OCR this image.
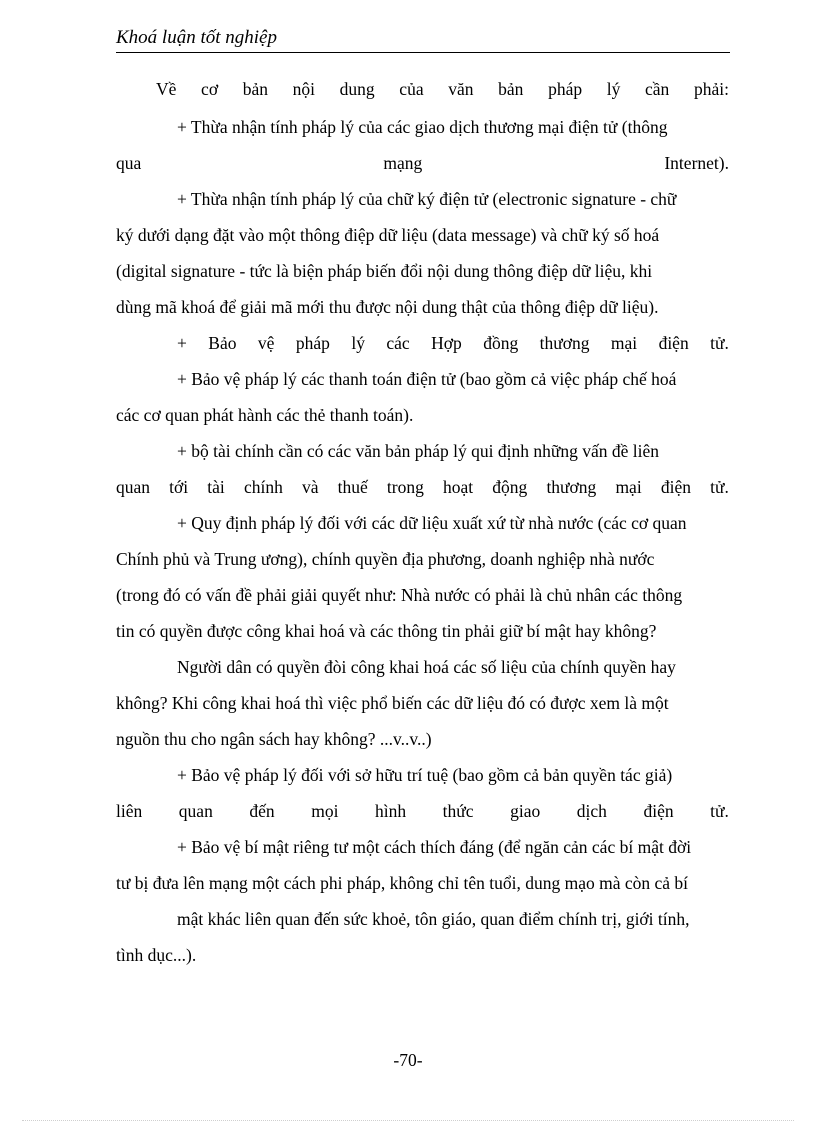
Khoá luận tốt nghiệp
Về cơ bản nội dung của văn bản pháp lý cần phải:
+ Thừa nhận tính pháp lý của các giao dịch thương mại điện tử (thông
qua	mạng	Internet).
+ Thừa nhận tính pháp lý của chữ ký điện tử (electronic signature - chữ
ký dưới dạng đặt vào một thông điệp dữ liệu (data message) và chữ ký số hoá
(digital signature - tức là biện pháp biến đổi nội dung thông điệp dữ liệu, khi
dùng mã khoá để giải mã mới thu được nội dung thật của thông điệp dữ liệu).
+ Bảo vệ pháp lý các Hợp đồng thương mại điện tử.
+ Bảo vệ pháp lý các thanh toán điện tử (bao gồm cả việc pháp chế hoá
các cơ quan phát hành các thẻ thanh toán).
+ bộ tài chính cần có các văn bản pháp lý qui định những vấn đề liên
quan tới tài chính và thuế trong hoạt động thương mại điện tử.
+ Quy định pháp lý đối với các dữ liệu xuất xứ từ nhà nước (các cơ quan
Chính phủ và Trung ương), chính quyền địa phương, doanh nghiệp nhà nước
(trong đó có vấn đề phải giải quyết như: Nhà nước có phải là chủ nhân các thông
tin có quyền được công khai hoá và các thông tin phải giữ bí mật hay không?
Người dân có quyền đòi công khai hoá các số liệu của chính quyền hay
không? Khi công khai hoá thì việc phổ biến các dữ liệu đó có được xem là một
nguồn thu cho ngân sách hay không? ...v..v..)
+ Bảo vệ pháp lý đối với sở hữu trí tuệ (bao gồm cả bản quyền tác giả)
liên quan đến mọi hình thức giao dịch điện tử.
+ Bảo vệ bí mật riêng tư một cách thích đáng (để ngăn cản các bí mật đời
tư bị đưa lên mạng một cách phi pháp, không chỉ tên tuổi, dung mạo mà còn cả bí
mật khác liên quan đến sức khoẻ, tôn giáo, quan điểm chính trị, giới tính,
tình dục...).
-70-
